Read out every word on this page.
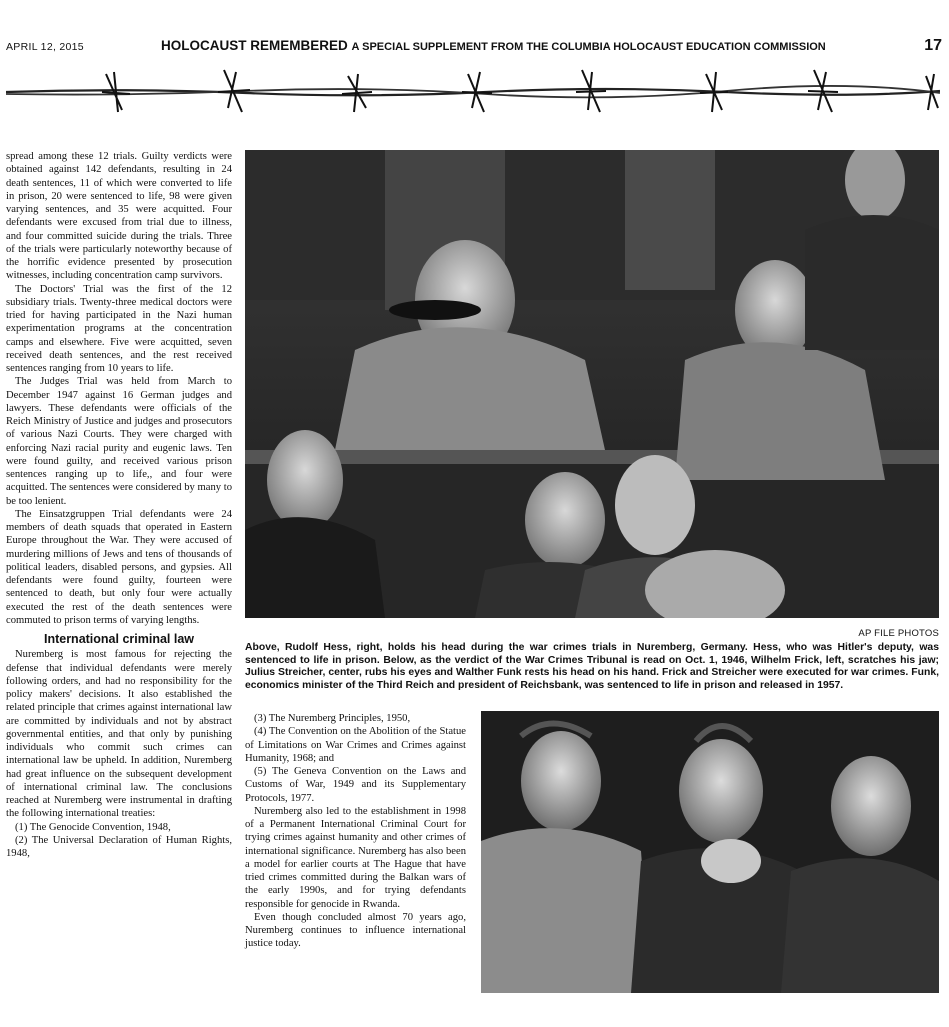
APRIL 12, 2015	HOLOCAUST REMEMBERED A SPECIAL SUPPLEMENT FROM THE COLUMBIA HOLOCAUST EDUCATION COMMISSION	17

spread among these 12 trials. Guilty verdicts were obtained against 142 defendants, resulting in 24 death sentences, 11 of which were converted to life in prison, 20 were sentenced to life, 98 were given varying sentences, and 35 were acquitted. Four defendants were excused from trial due to illness, and four committed suicide during the trials. Three of the trials were particularly noteworthy because of the horrific evidence presented by prosecution witnesses, including concentration camp survivors.

The Doctors' Trial was the first of the 12 subsidiary trials. Twenty-three medical doctors were tried for having participated in the Nazi human experimentation programs at the concentration camps and elsewhere. Five were acquitted, seven received death sentences, and the rest received sentences ranging from 10 years to life.

The Judges Trial was held from March to December 1947 against 16 German judges and lawyers. These defendants were officials of the Reich Ministry of Justice and judges and prosecutors of various Nazi Courts. They were charged with enforcing Nazi racial purity and eugenic laws. Ten were found guilty, and received various prison sentences ranging up to life,, and four were acquitted. The sentences were considered by many to be too lenient.

The Einsatzgruppen Trial defendants were 24 members of death squads that operated in Eastern Europe throughout the War. They were accused of murdering millions of Jews and tens of thousands of political leaders, disabled persons, and gypsies. All defendants were found guilty, fourteen were sentenced to death, but only four were actually executed the rest of the death sentences were commuted to prison terms of varying lengths.

International criminal law

Nuremberg is most famous for rejecting the defense that individual defendants were merely following orders, and had no responsibility for the policy makers' decisions. It also established the related principle that crimes against international law are committed by individuals and not by abstract governmental entities, and that only by punishing individuals who commit such crimes can international law be upheld. In addition, Nuremberg had great influence on the subsequent development of international criminal law. The conclusions reached at Nuremberg were instrumental in drafting the following international treaties:

(1) The Genocide Convention, 1948,

(2) The Universal Declaration of Human Rights, 1948,

AP FILE PHOTOS
Above, Rudolf Hess, right, holds his head during the war crimes trials in Nuremberg, Germany. Hess, who was Hitler's deputy, was sentenced to life in prison. Below, as the verdict of the War Crimes Tribunal is read on Oct. 1, 1946, Wilhelm Frick, left, scratches his jaw; Julius Streicher, center, rubs his eyes and Walther Funk rests his head on his hand. Frick and Streicher were executed for war crimes. Funk, economics minister of the Third Reich and president of Reichsbank, was sentenced to life in prison and released in 1957.

(3) The Nuremberg Principles, 1950,

(4) The Convention on the Abolition of the Statue of Limitations on War Crimes and Crimes against Humanity, 1968; and

(5) The Geneva Convention on the Laws and Customs of War, 1949 and its Supplementary Protocols, 1977.

Nuremberg also led to the establishment in 1998 of a Permanent International Criminal Court for trying crimes against humanity and other crimes of international significance. Nuremberg has also been a model for earlier courts at The Hague that have tried crimes committed during the Balkan wars of the early 1990s, and for trying defendants responsible for genocide in Rwanda.

Even though concluded almost 70 years ago, Nuremberg continues to influence international justice today.
